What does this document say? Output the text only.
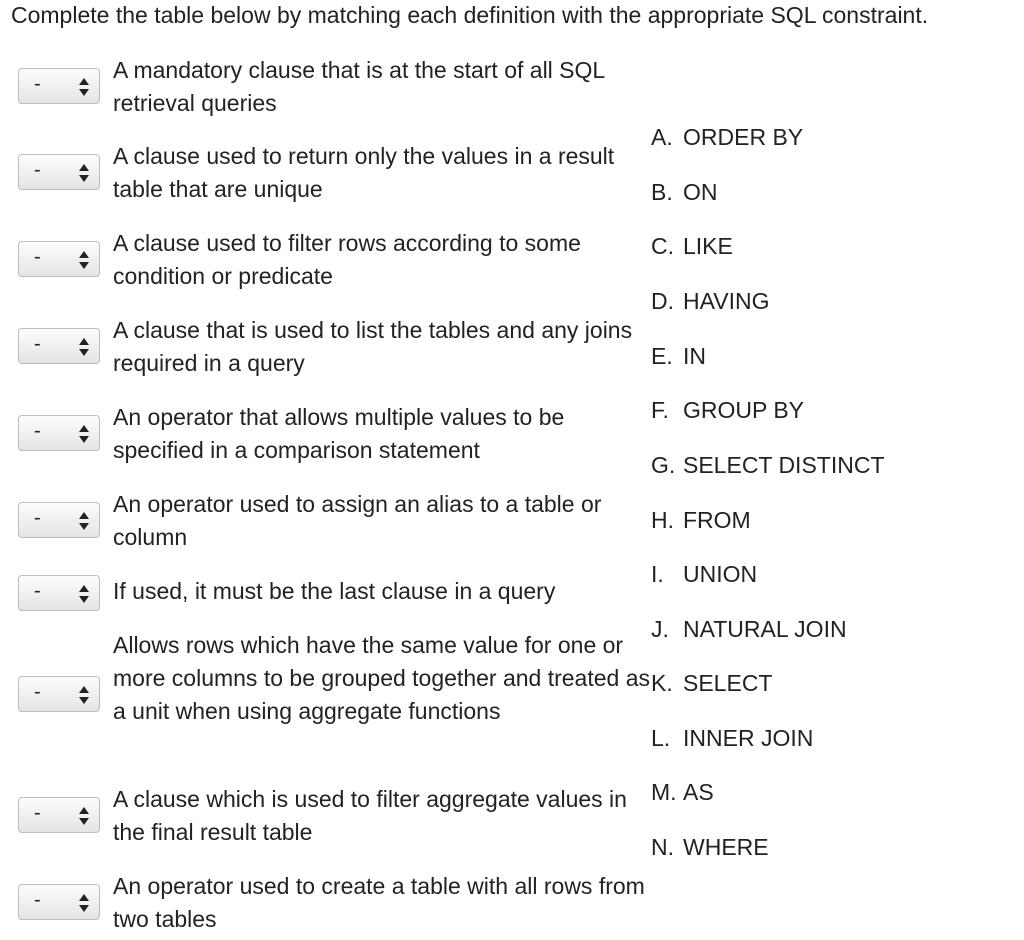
Complete the table below by matching each definition with the appropriate SQL constraint.
-
A mandatory clause that is at the start of all SQL retrieval queries
-
A clause used to return only the values in a result table that are unique
-
A clause used to filter rows according to some condition or predicate
-
A clause that is used to list the tables and any joins required in a query
-
An operator that allows multiple values to be specified in a comparison statement
-
An operator used to assign an alias to a table or column
-	If used, it must be the last clause in a query
-
Allows rows which have the same value for one or more columns to be grouped together and treated as a unit when using aggregate functions
-
A clause which is used to filter aggregate values in the final result table
-
An operator used to create a table with all rows from two tables
A. ORDER BY
B. ON
C. LIKE
D. HAVING
E. IN
F. GROUP BY
G. SELECT DISTINCT
H. FROM
I. UNION
J. NATURAL JOIN
K. SELECT
L. INNER JOIN
M. AS
N. WHERE
